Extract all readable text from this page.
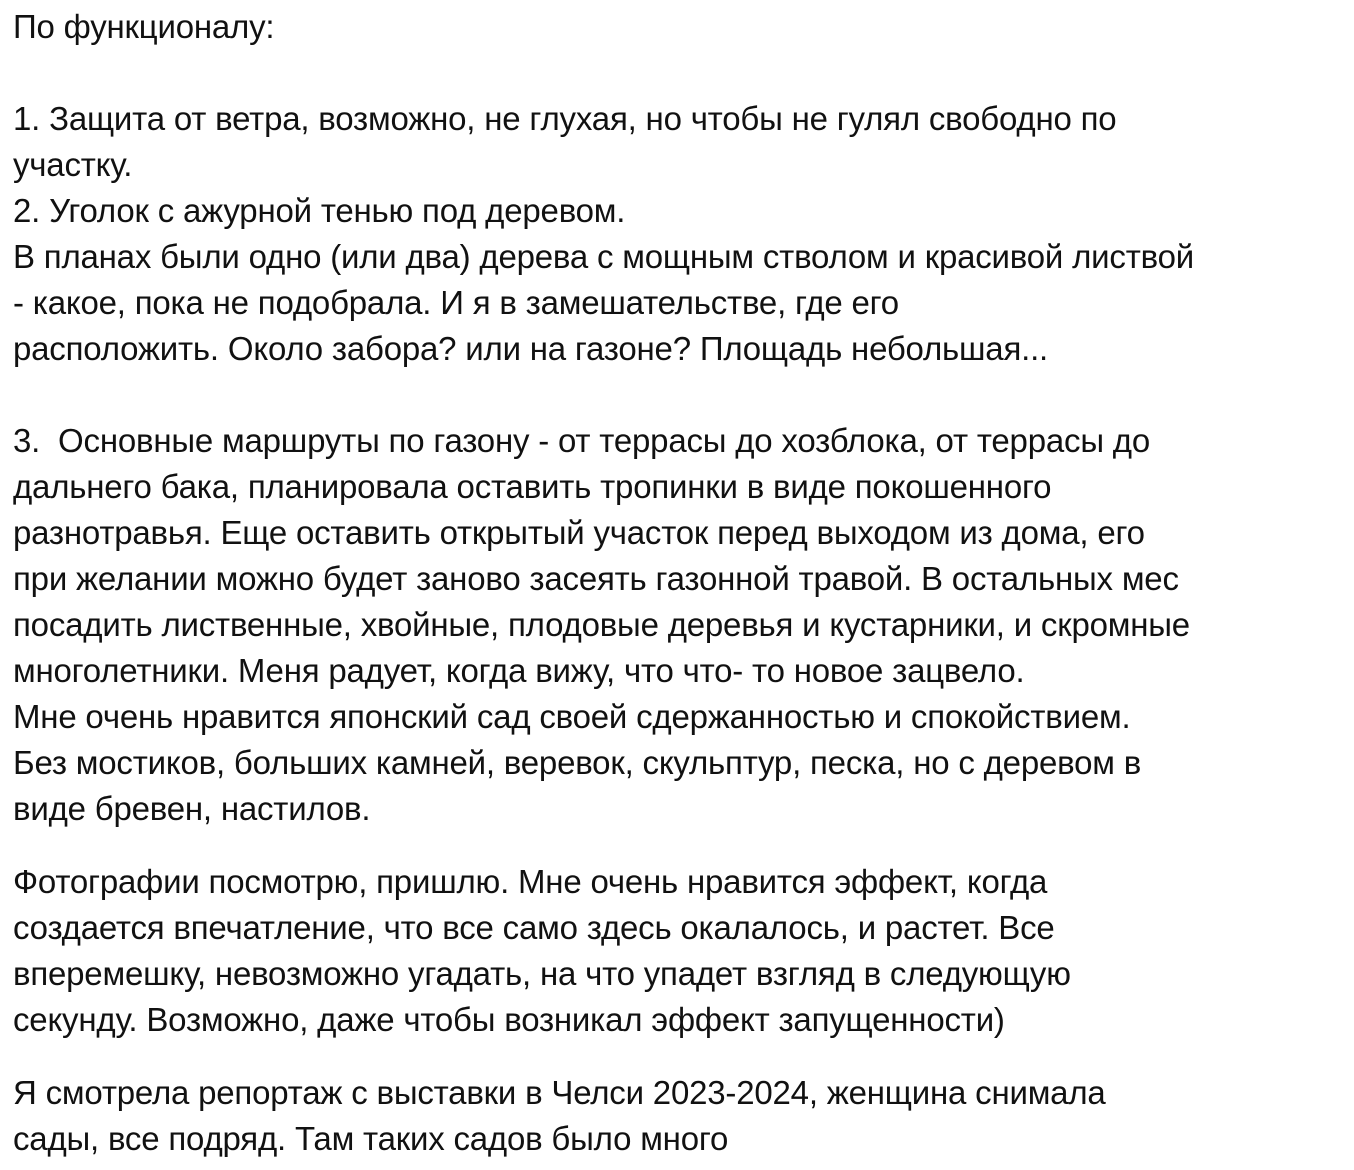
По функционалу:
1. Защита от ветра, возможно, не глухая, но чтобы не гулял свободно по
участку.
2. Уголок с ажурной тенью под деревом.
В планах были одно (или два) дерева с мощным стволом и красивой листвой
- какое, пока не подобрала. И я в замешательстве, где его
расположить. Около забора? или на газоне? Площадь небольшая...
3.  Основные маршруты по газону - от террасы до хозблока, от террасы до
дальнего бака, планировала оставить тропинки в виде покошенного
разнотравья. Еще оставить открытый участок перед выходом из дома, его
при желании можно будет заново засеять газонной травой. В остальных мес
посадить лиственные, хвойные, плодовые деревья и кустарники, и скромные
многолетники. Меня радует, когда вижу, что что- то новое зацвело.
Мне очень нравится японский сад своей сдержанностью и спокойствием.
Без мостиков, больших камней, веревок, скульптур, песка, но с деревом в
виде бревен, настилов.
Фотографии посмотрю, пришлю. Мне очень нравится эффект, когда
создается впечатление, что все само здесь окалалось, и растет. Все
вперемешку, невозможно угадать, на что упадет взгляд в следующую
секунду. Возможно, даже чтобы возникал эффект запущенности)
Я смотрела репортаж с выставки в Челси 2023-2024, женщина снимала
сады, все подряд. Там таких садов было много
